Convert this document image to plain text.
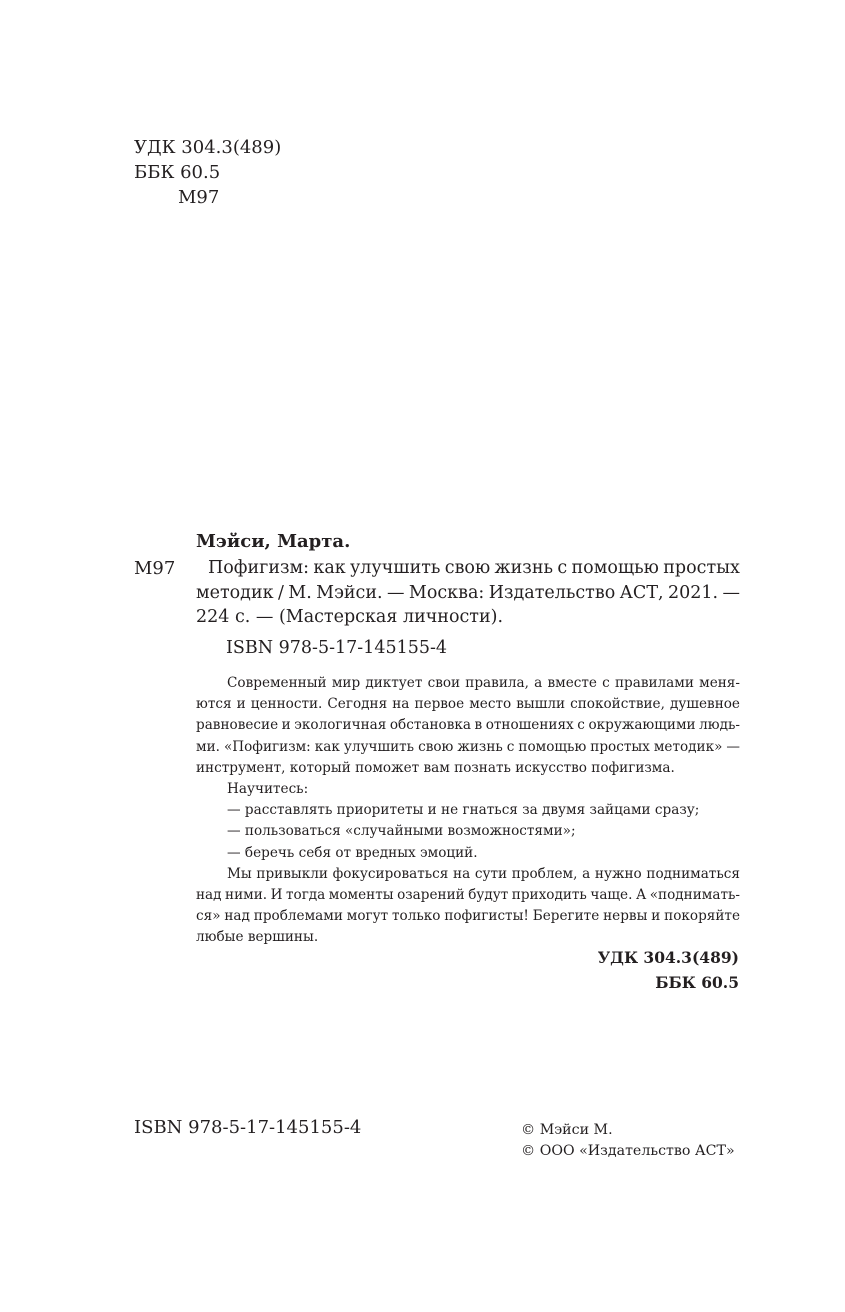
УДК 304.3(489)
ББК 60.5
М97
Мэйси, Марта.
М97 Пофигизм: как улучшить свою жизнь с помощью простых
методик / М. Мэйси. — Москва: Издательство АСТ, 2021. —
224 с. — (Мастерская личности).
ISBN 978-5-17-145155-4
Современный мир диктует свои правила, а вместе с правилами меня-
ются и ценности. Сегодня на первое место вышли спокойствие, душевное
равновесие и экологичная обстановка в отношениях с окружающими людь-
ми. «Пофигизм: как улучшить свою жизнь с помощью простых методик» —
инструмент, который поможет вам познать искусство пофигизма.
Научитесь:
— расставлять приоритеты и не гнаться за двумя зайцами сразу;
— пользоваться «случайными возможностями»;
— беречь себя от вредных эмоций.
Мы привыкли фокусироваться на сути проблем, а нужно подниматься
над ними. И тогда моменты озарений будут приходить чаще. А «поднимать-
ся» над проблемами могут только пофигисты! Берегите нервы и покоряйте
любые вершины.
УДК 304.3(489)
ББК 60.5
ISBN 978-5-17-145155-4	© Мэйси М.
© ООО «Издательство АСТ»
